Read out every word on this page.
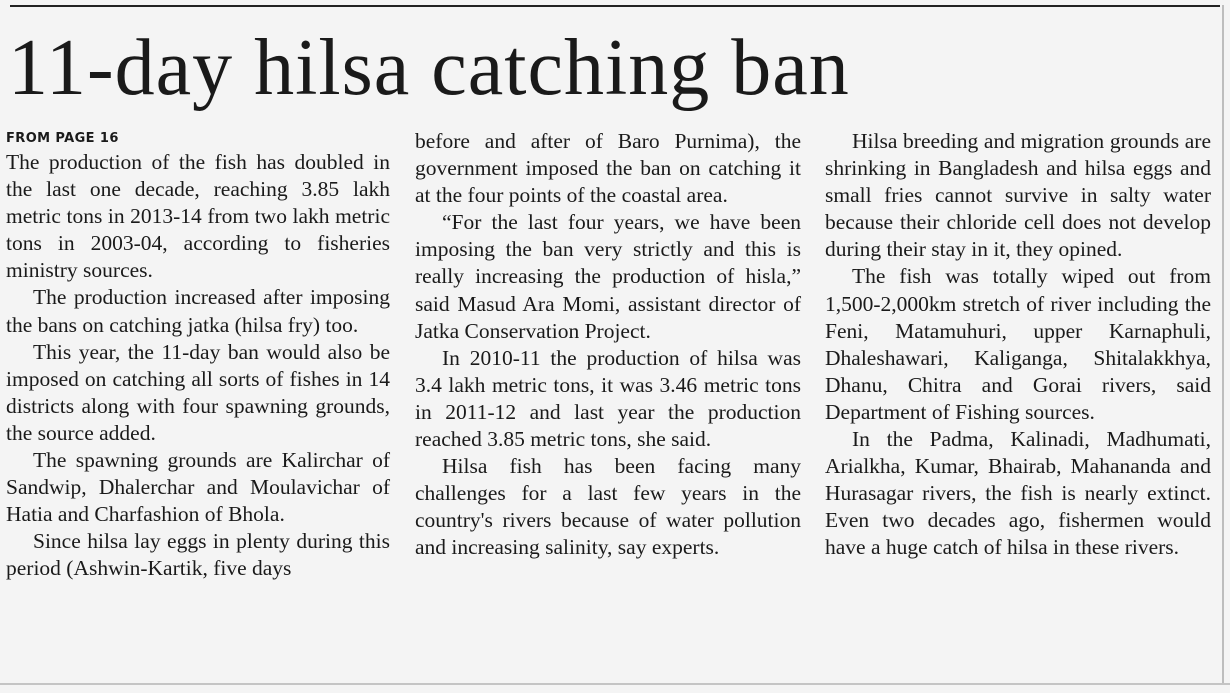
11-day hilsa catching ban
FROM PAGE 16

The production of the fish has doubled in the last one decade, reaching 3.85 lakh metric tons in 2013-14 from two lakh metric tons in 2003-04, according to fisheries ministry sources.

The production increased after imposing the bans on catching jatka (hilsa fry) too.

This year, the 11-day ban would also be imposed on catching all sorts of fishes in 14 districts along with four spawning grounds, the source added.

The spawning grounds are Kalirchar of Sandwip, Dhalerchar and Moulavichar of Hatia and Charfashion of Bhola.

Since hilsa lay eggs in plenty during this period (Ashwin-Kartik, five days

before and after of Baro Purnima), the government imposed the ban on catching it at the four points of the coastal area.

“For the last four years, we have been imposing the ban very strictly and this is really increasing the production of hisla,” said Masud Ara Momi, assistant director of Jatka Conservation Project.

In 2010-11 the production of hilsa was 3.4 lakh metric tons, it was 3.46 metric tons in 2011-12 and last year the production reached 3.85 metric tons, she said.

Hilsa fish has been facing many challenges for a last few years in the country's rivers because of water pollution and increasing salinity, say experts.

Hilsa breeding and migration grounds are shrinking in Bangladesh and hilsa eggs and small fries cannot survive in salty water because their chloride cell does not develop during their stay in it, they opined.

The fish was totally wiped out from 1,500-2,000km stretch of river including the Feni, Matamuhuri, upper Karnaphuli, Dhaleshawari, Kaliganga, Shitalakkhya, Dhanu, Chitra and Gorai rivers, said Department of Fishing sources.

In the Padma, Kalinadi, Madhumati, Arialkha, Kumar, Bhairab, Mahananda and Hurasagar rivers, the fish is nearly extinct. Even two decades ago, fishermen would have a huge catch of hilsa in these rivers.
